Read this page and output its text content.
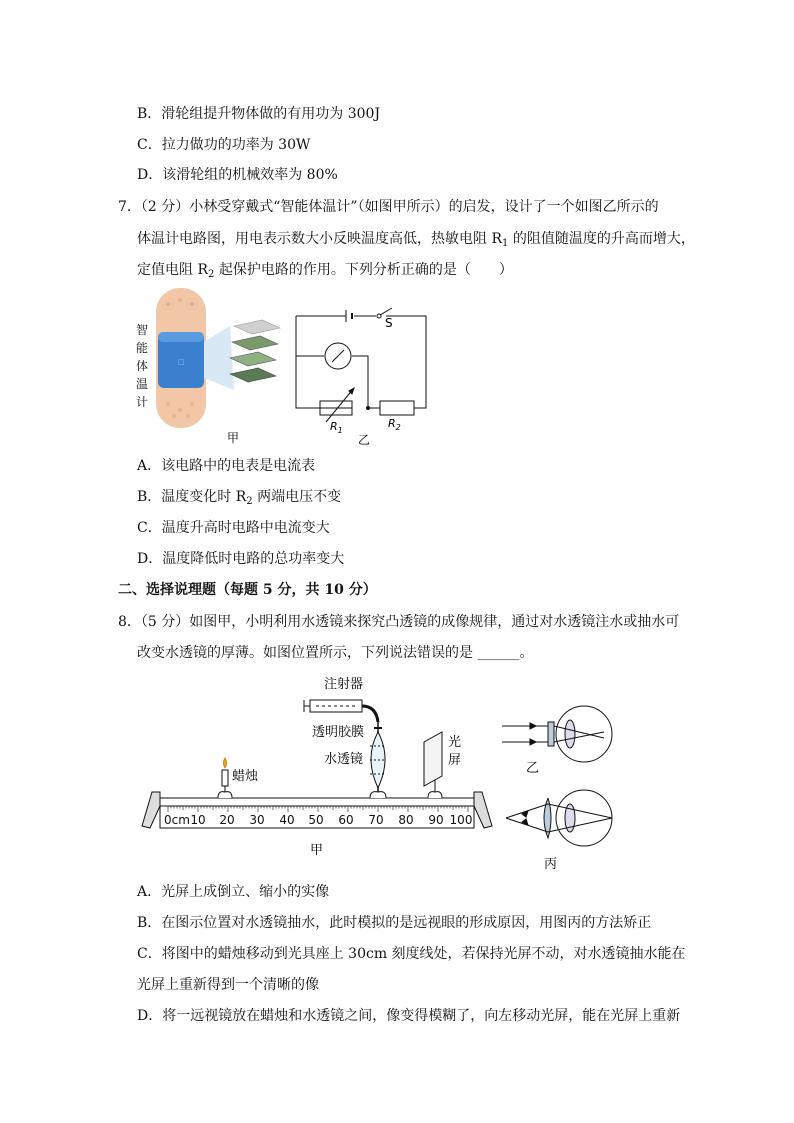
B．滑轮组提升物体做的有用功为 300J
C．拉力做功的功率为 30W
D．该滑轮组的机械效率为 80%
7．（2 分）小林受穿戴式“智能体温计”（如图甲所示）的启发，设计了一个如图乙所示的
体温计电路图，用电表示数大小反映温度高低，热敏电阻 $R_1$ 的阻值随温度的升高而增大，
定值电阻 $R_2$ 起保护电路的作用。下列分析正确的是（　　）
□
智
能
体
温
计
甲
S
$R_1$
$R_2$
乙
A．该电路中的电表是电流表
B．温度变化时 $R_2$ 两端电压不变
C．温度升高时电路中电流变大
D．温度降低时电路的总功率变大
二、选择说理题（每题 5 分，共 10 分）
8．（5 分）如图甲，小明利用水透镜来探究凸透镜的成像规律，通过对水透镜注水或抽水可
改变水透镜的厚薄。如图位置所示，下列说法错误的是 ______。
0cm 10 20 30 40 50 60 70 80 90 100
蜡烛
注射器
透明胶膜
水透镜
光
屏
甲
乙
丙
A．光屏上成倒立、缩小的实像
B．在图示位置对水透镜抽水，此时模拟的是远视眼的形成原因，用图丙的方法矫正
C．将图中的蜡烛移动到光具座上 30cm 刻度线处，若保持光屏不动，对水透镜抽水能在
光屏上重新得到一个清晰的像
D．将一远视镜放在蜡烛和水透镜之间，像变得模糊了，向左移动光屏，能在光屏上重新
